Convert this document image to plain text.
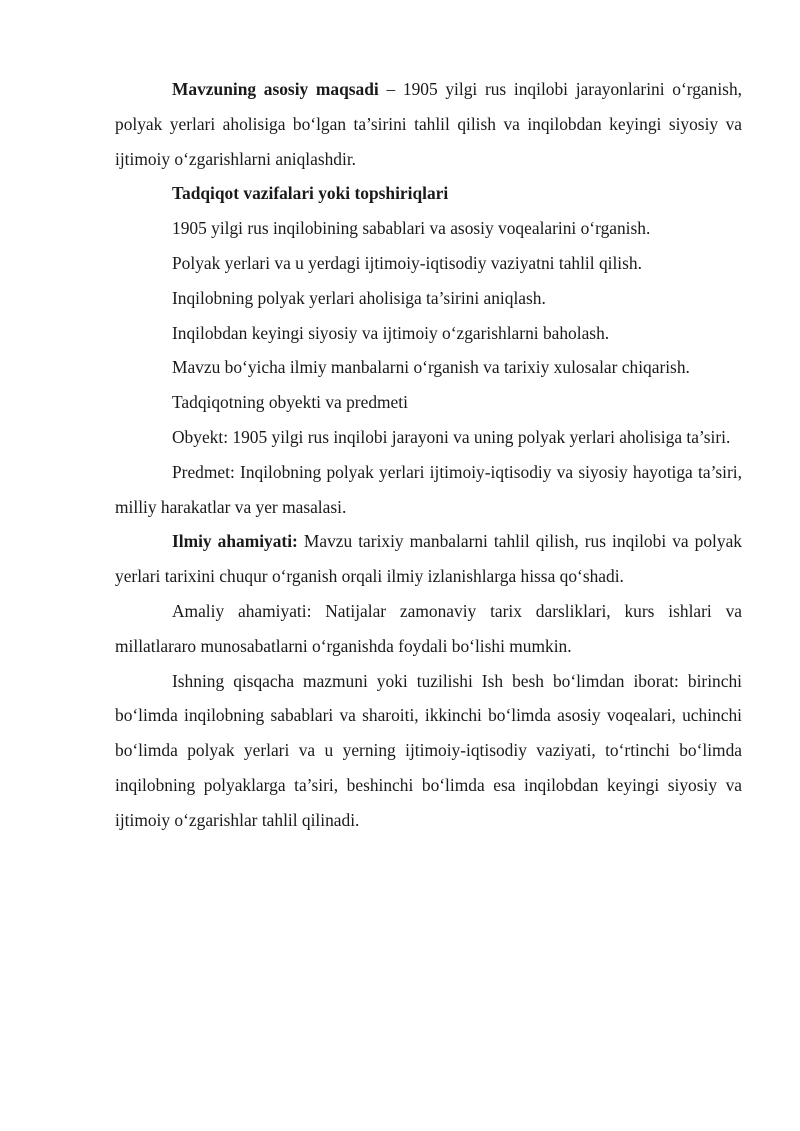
Mavzuning asosiy maqsadi – 1905 yilgi rus inqilobi jarayonlarini o‘rganish, polyak yerlari aholisiga bo‘lgan ta’sirini tahlil qilish va inqilobdan keyingi siyosiy va ijtimoiy o‘zgarishlarni aniqlashdir.

Tadqiqot vazifalari yoki topshiriqlari

1905 yilgi rus inqilobining sabablari va asosiy voqealarini o‘rganish.

Polyak yerlari va u yerdagi ijtimoiy-iqtisodiy vaziyatni tahlil qilish.

Inqilobning polyak yerlari aholisiga ta’sirini aniqlash.

Inqilobdan keyingi siyosiy va ijtimoiy o‘zgarishlarni baholash.

Mavzu bo‘yicha ilmiy manbalarni o‘rganish va tarixiy xulosalar chiqarish.

Tadqiqotning obyekti va predmeti

Obyekt: 1905 yilgi rus inqilobi jarayoni va uning polyak yerlari aholisiga ta’siri.

Predmet: Inqilobning polyak yerlari ijtimoiy-iqtisodiy va siyosiy hayotiga ta’siri, milliy harakatlar va yer masalasi.

Ilmiy ahamiyati: Mavzu tarixiy manbalarni tahlil qilish, rus inqilobi va polyak yerlari tarixini chuqur o‘rganish orqali ilmiy izlanishlarga hissa qo‘shadi.

Amaliy ahamiyati: Natijalar zamonaviy tarix darsliklari, kurs ishlari va millatlararo munosabatlarni o‘rganishda foydali bo‘lishi mumkin.

Ishning qisqacha mazmuni yoki tuzilishi Ish besh bo‘limdan iborat: birinchi bo‘limda inqilobning sabablari va sharoiti, ikkinchi bo‘limda asosiy voqealari, uchinchi bo‘limda polyak yerlari va u yerning ijtimoiy-iqtisodiy vaziyati, to‘rtinchi bo‘limda inqilobning polyaklarga ta’siri, beshinchi bo‘limda esa inqilobdan keyingi siyosiy va ijtimoiy o‘zgarishlar tahlil qilinadi.
